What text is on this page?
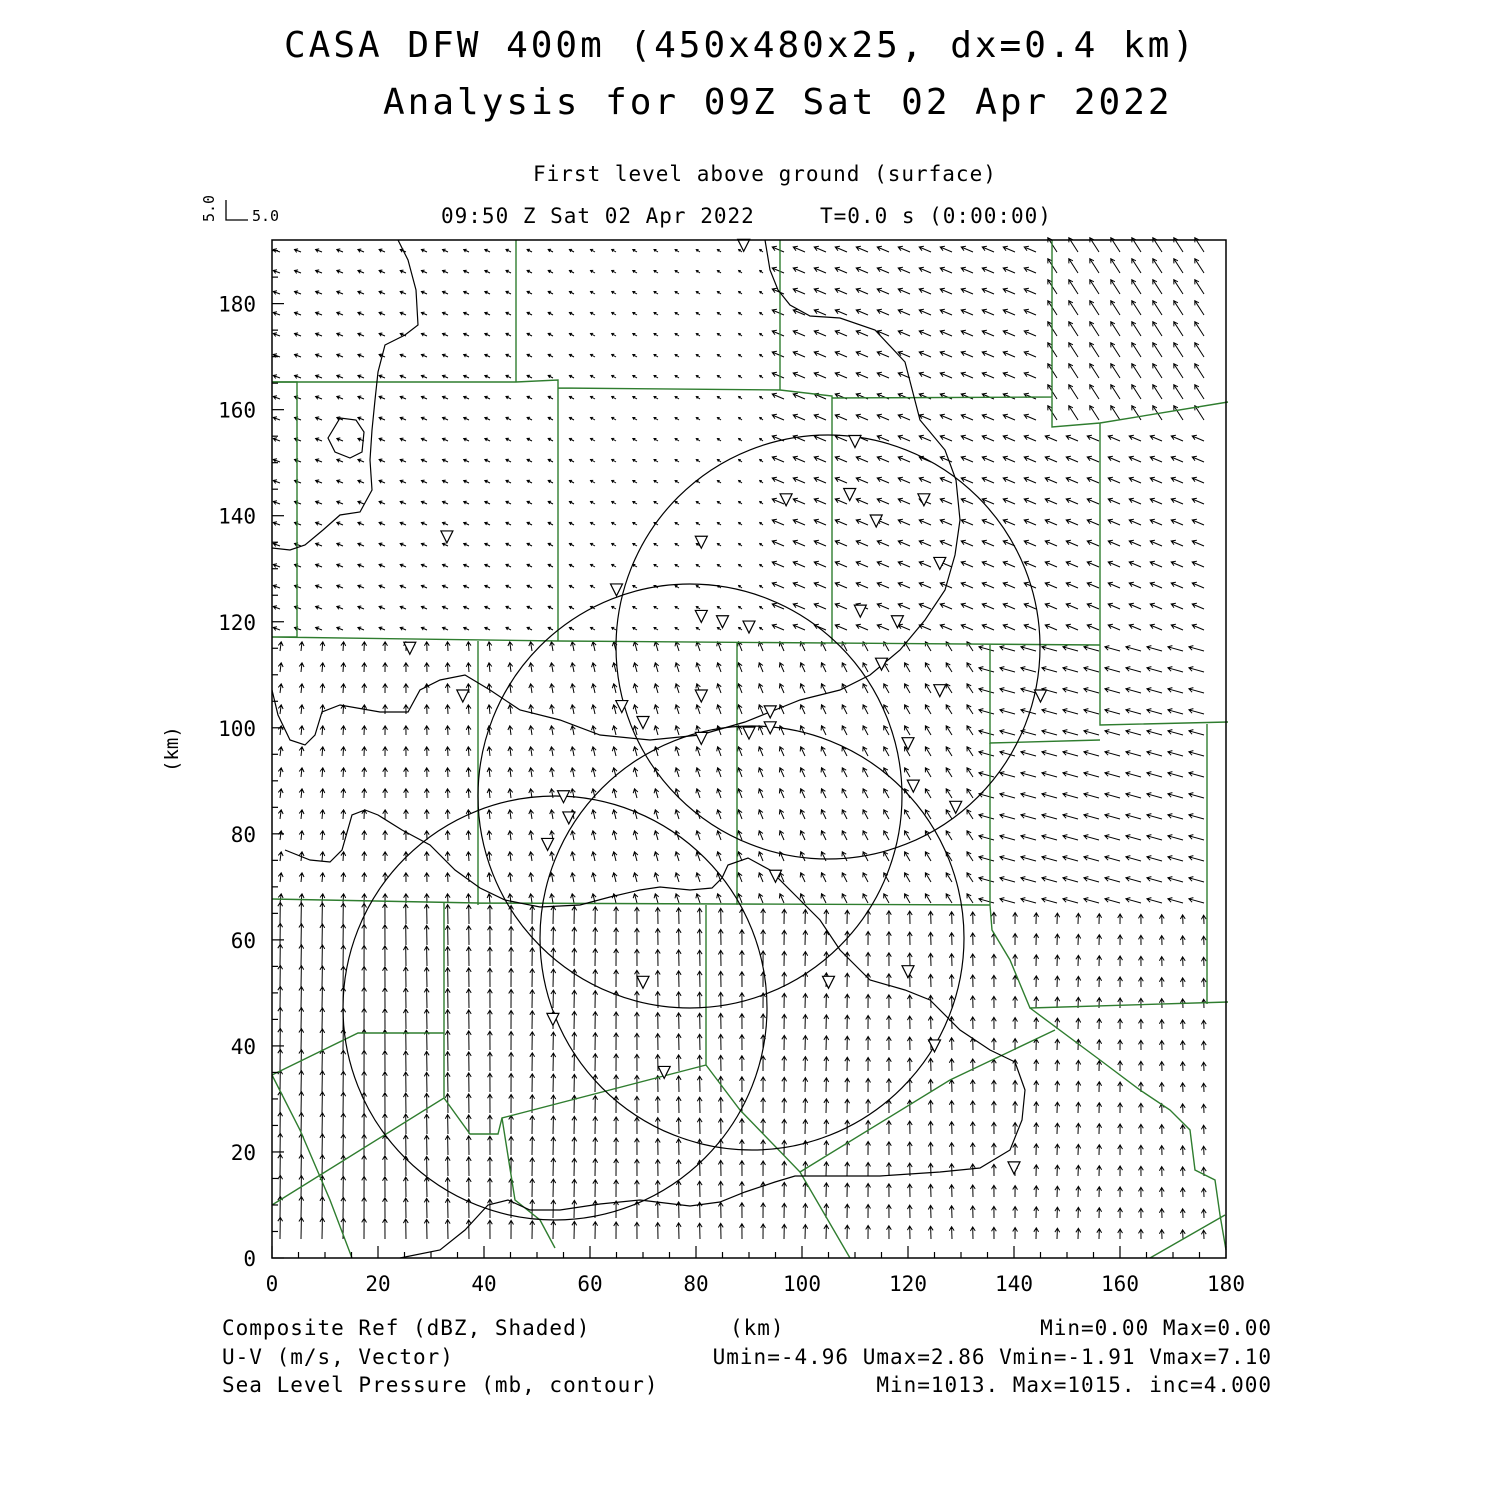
CASA DFW 400m (450x480x25, dx=0.4 km)
Analysis for 09Z Sat 02 Apr 2022
First level above ground (surface)
09:50 Z Sat 02 Apr 2022	T=0.0 s (0:00:00)
0	20	40	60	80	100	120	140	160	180
0
20
40
60
80
100
120
140
160
180
5.0 5.0
(km)
Composite Ref (dBZ, Shaded)	(km)	Min=0.00 Max=0.00
U-V (m/s, Vector)	Umin=-4.96 Umax=2.86 Vmin=-1.91 Vmax=7.10
Sea Level Pressure (mb, contour)	Min=1013. Max=1015. inc=4.000
